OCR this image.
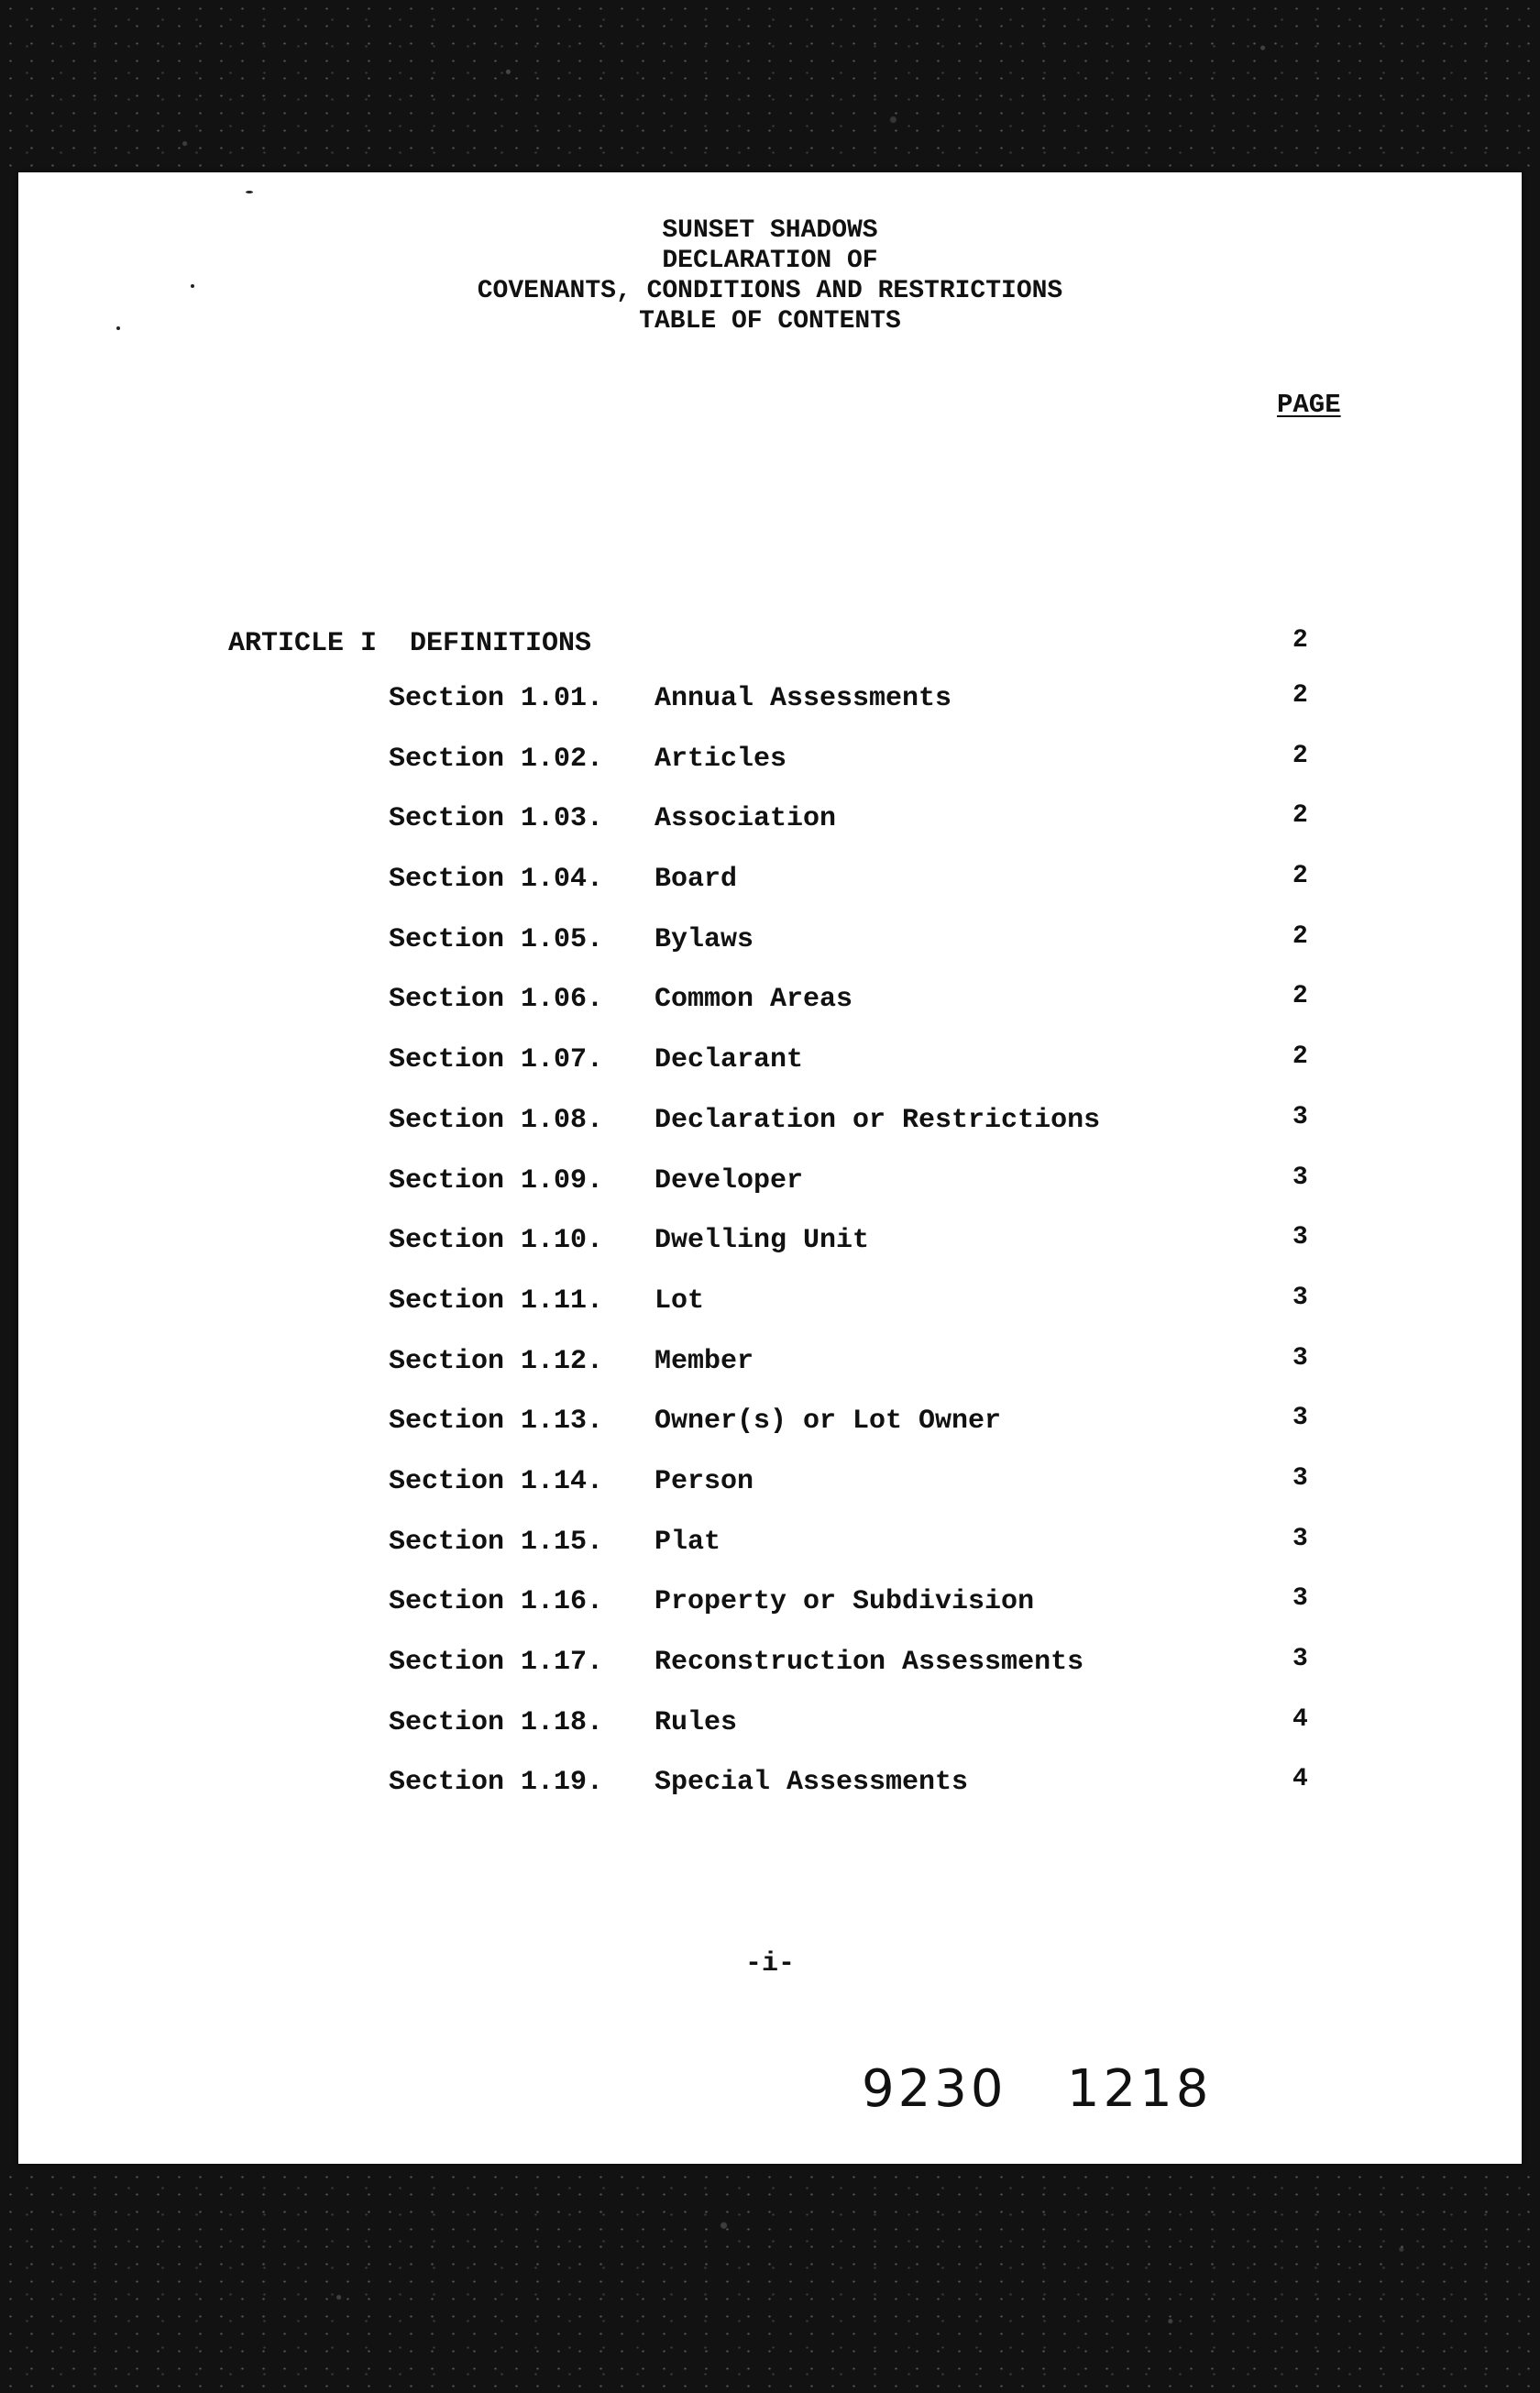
SUNSET SHADOWS
DECLARATION OF
COVENANTS, CONDITIONS AND RESTRICTIONS
TABLE OF CONTENTS
PAGE
ARTICLE I  DEFINITIONS	2
Section 1.01. Annual Assessments	2
Section 1.02. Articles	2
Section 1.03. Association	2
Section 1.04. Board	2
Section 1.05. Bylaws	2
Section 1.06. Common Areas	2
Section 1.07. Declarant	2
Section 1.08. Declaration or Restrictions	3
Section 1.09. Developer	3
Section 1.10. Dwelling Unit	3
Section 1.11. Lot	3
Section 1.12. Member	3
Section 1.13. Owner(s) or Lot Owner	3
Section 1.14. Person	3
Section 1.15. Plat	3
Section 1.16. Property or Subdivision	3
Section 1.17. Reconstruction Assessments	3
Section 1.18. Rules	4
Section 1.19. Special Assessments	4
-i-
9230   1218
